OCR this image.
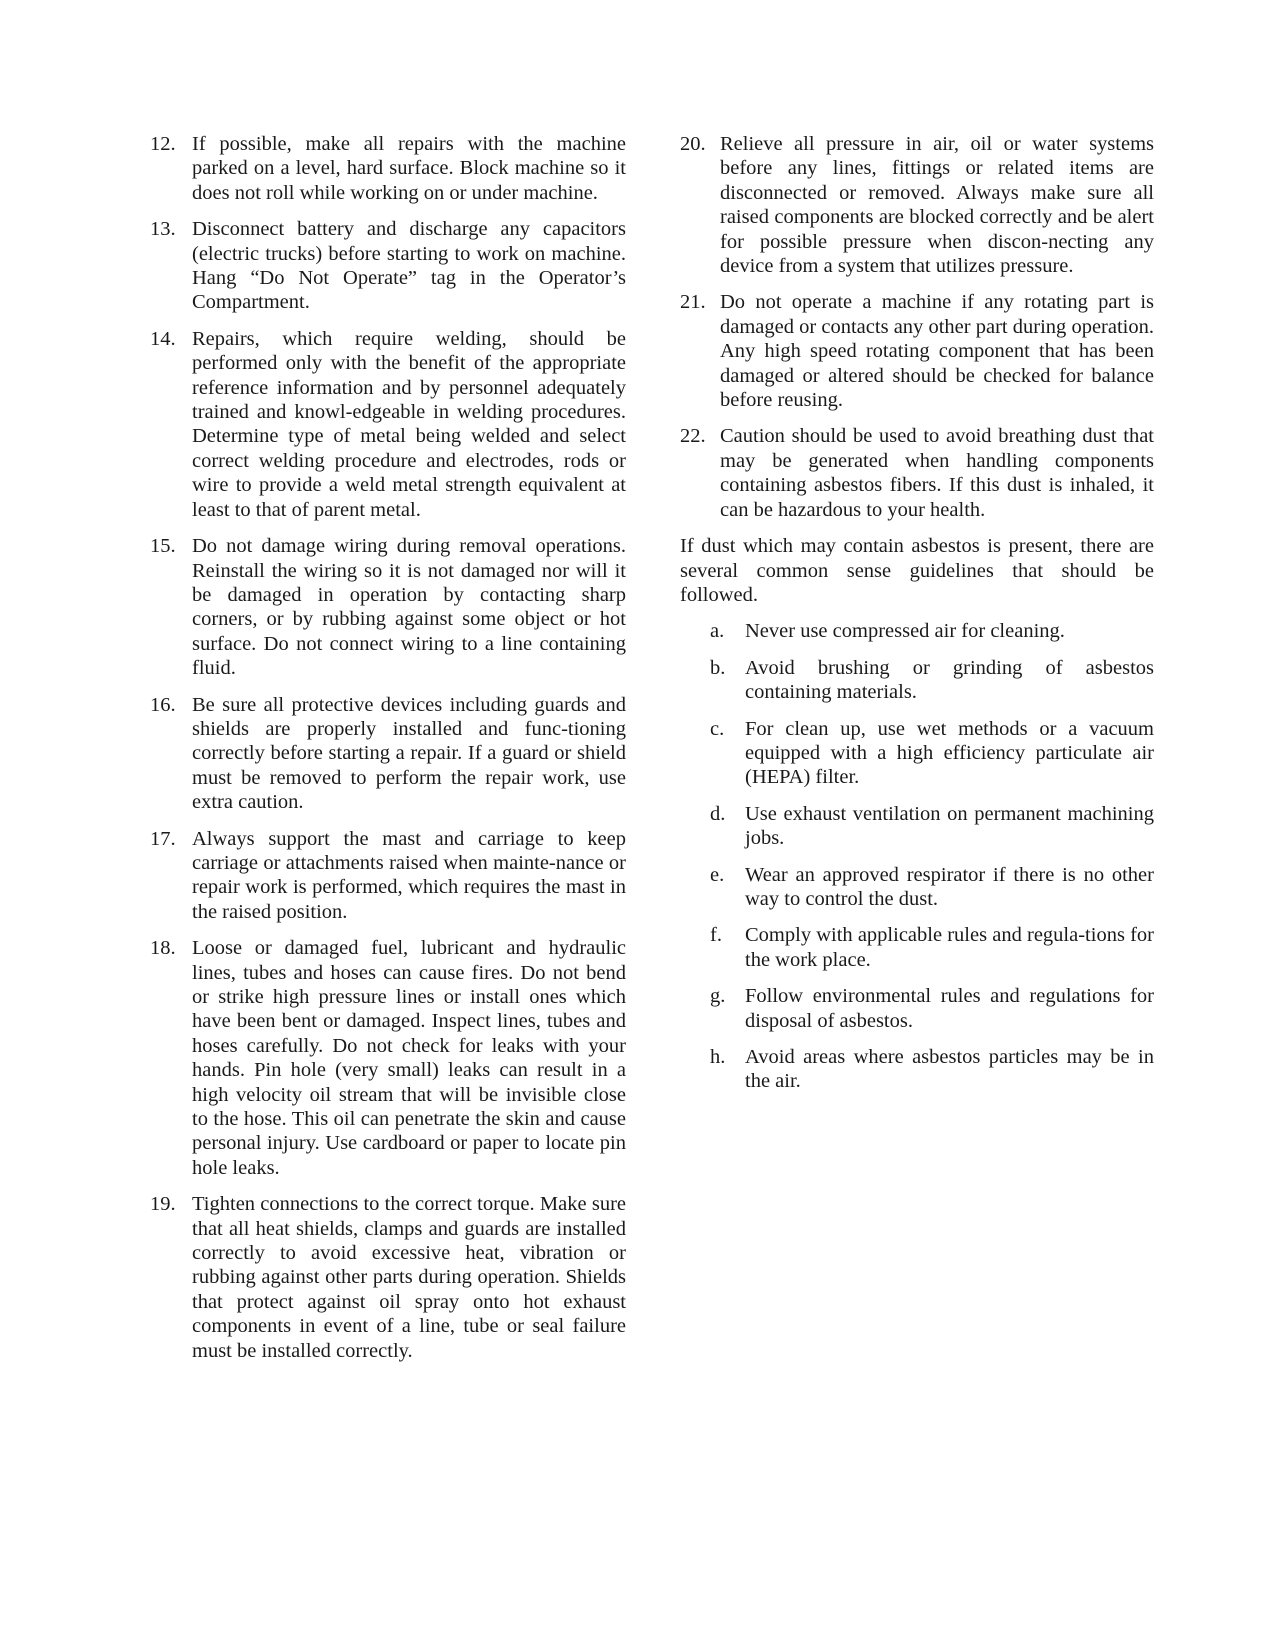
12. If possible, make all repairs with the machine parked on a level, hard surface. Block machine so it does not roll while working on or under machine.
13. Disconnect battery and discharge any capacitors (electric trucks) before starting to work on machine. Hang “Do Not Operate” tag in the Operator’s Compartment.
14. Repairs, which require welding, should be performed only with the benefit of the appropriate reference information and by personnel adequately trained and knowl-edgeable in welding procedures. Determine type of metal being welded and select correct welding procedure and electrodes, rods or wire to provide a weld metal strength equivalent at least to that of parent metal.
15. Do not damage wiring during removal operations. Reinstall the wiring so it is not damaged nor will it be damaged in operation by contacting sharp corners, or by rubbing against some object or hot surface. Do not connect wiring to a line containing fluid.
16. Be sure all protective devices including guards and shields are properly installed and func-tioning correctly before starting a repair. If a guard or shield must be removed to perform the repair work, use extra caution.
17. Always support the mast and carriage to keep carriage or attachments raised when mainte-nance or repair work is performed, which requires the mast in the raised position.
18. Loose or damaged fuel, lubricant and hydraulic lines, tubes and hoses can cause fires. Do not bend or strike high pressure lines or install ones which have been bent or damaged. Inspect lines, tubes and hoses carefully. Do not check for leaks with your hands. Pin hole (very small) leaks can result in a high velocity oil stream that will be invisible close to the hose. This oil can penetrate the skin and cause personal injury. Use cardboard or paper to locate pin hole leaks.
19. Tighten connections to the correct torque. Make sure that all heat shields, clamps and guards are installed correctly to avoid excessive heat, vibration or rubbing against other parts during operation. Shields that protect against oil spray onto hot exhaust components in event of a line, tube or seal failure must be installed correctly.
20. Relieve all pressure in air, oil or water systems before any lines, fittings or related items are disconnected or removed. Always make sure all raised components are blocked correctly and be alert for possible pressure when discon-necting any device from a system that utilizes pressure.
21. Do not operate a machine if any rotating part is damaged or contacts any other part during operation. Any high speed rotating component that has been damaged or altered should be checked for balance before reusing.
22. Caution should be used to avoid breathing dust that may be generated when handling components containing asbestos fibers. If this dust is inhaled, it can be hazardous to your health.
If dust which may contain asbestos is present, there are several common sense guidelines that should be followed.
a. Never use compressed air for cleaning.
b. Avoid brushing or grinding of asbestos containing materials.
c. For clean up, use wet methods or a vacuum equipped with a high efficiency particulate air (HEPA) filter.
d. Use exhaust ventilation on permanent machining jobs.
e. Wear an approved respirator if there is no other way to control the dust.
f. Comply with applicable rules and regula-tions for the work place.
g. Follow environmental rules and regulations for disposal of asbestos.
h. Avoid areas where asbestos particles may be in the air.
